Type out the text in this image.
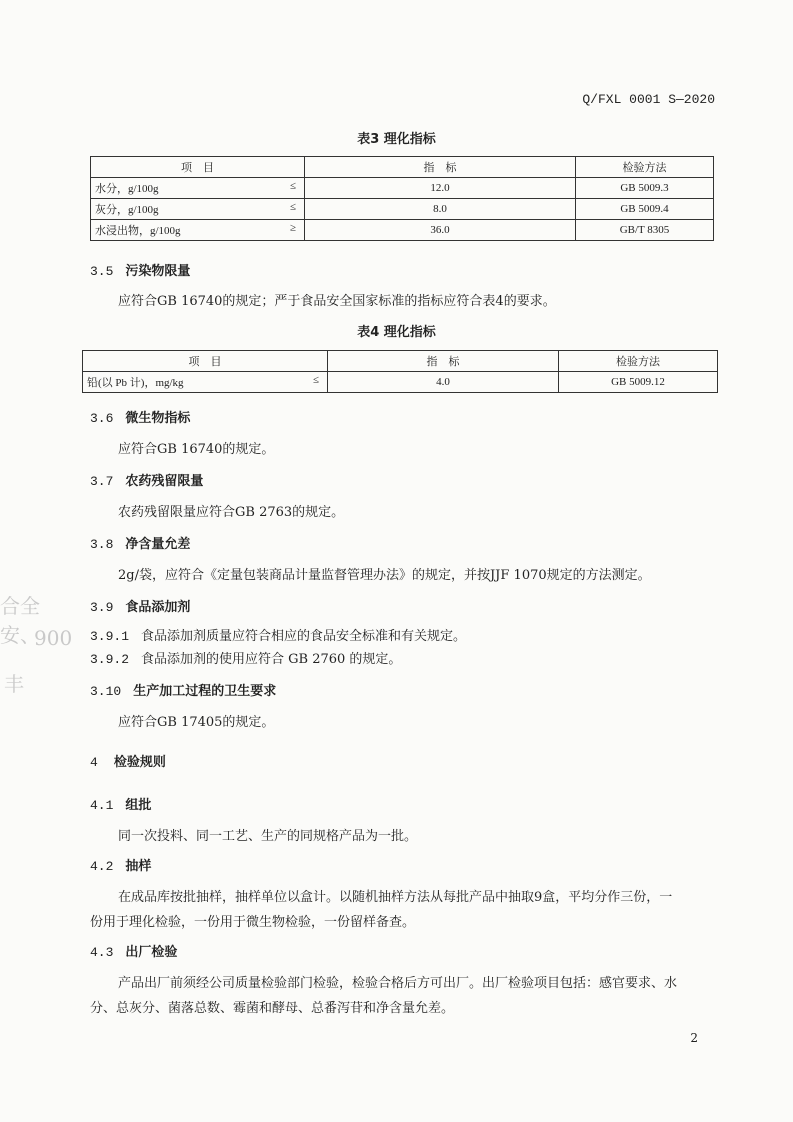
合全安、
900
丰
Q/FXL 0001 S—2020
表3 理化指标
项　目	指　标	检验方法
水分，g/100g ≤	12.0	GB 5009.3
灰分，g/100g ≤	8.0	GB 5009.4
水浸出物，g/100g ≥	36.0	GB/T 8305
3.5 污染物限量
应符合GB 16740的规定；严于食品安全国家标准的指标应符合表4的要求。
表4 理化指标
项　目	指　标	检验方法
铅(以 Pb 计)，mg/kg ≤	4.0	GB 5009.12
3.6 微生物指标
应符合GB 16740的规定。
3.7 农药残留限量
农药残留限量应符合GB 2763的规定。
3.8 净含量允差
2g/袋，应符合《定量包装商品计量监督管理办法》的规定，并按JJF 1070规定的方法测定。
3.9 食品添加剂
3.9.1 食品添加剂质量应符合相应的食品安全标准和有关规定。
3.9.2 食品添加剂的使用应符合 GB 2760 的规定。
3.10 生产加工过程的卫生要求
应符合GB 17405的规定。
4 检验规则
4.1 组批
同一次投料、同一工艺、生产的同规格产品为一批。
4.2 抽样
在成品库按批抽样，抽样单位以盒计。以随机抽样方法从每批产品中抽取9盒，平均分作三份，一
份用于理化检验，一份用于微生物检验，一份留样备查。
4.3 出厂检验
产品出厂前须经公司质量检验部门检验，检验合格后方可出厂。出厂检验项目包括：感官要求、水
分、总灰分、菌落总数、霉菌和酵母、总番泻苷和净含量允差。
2
